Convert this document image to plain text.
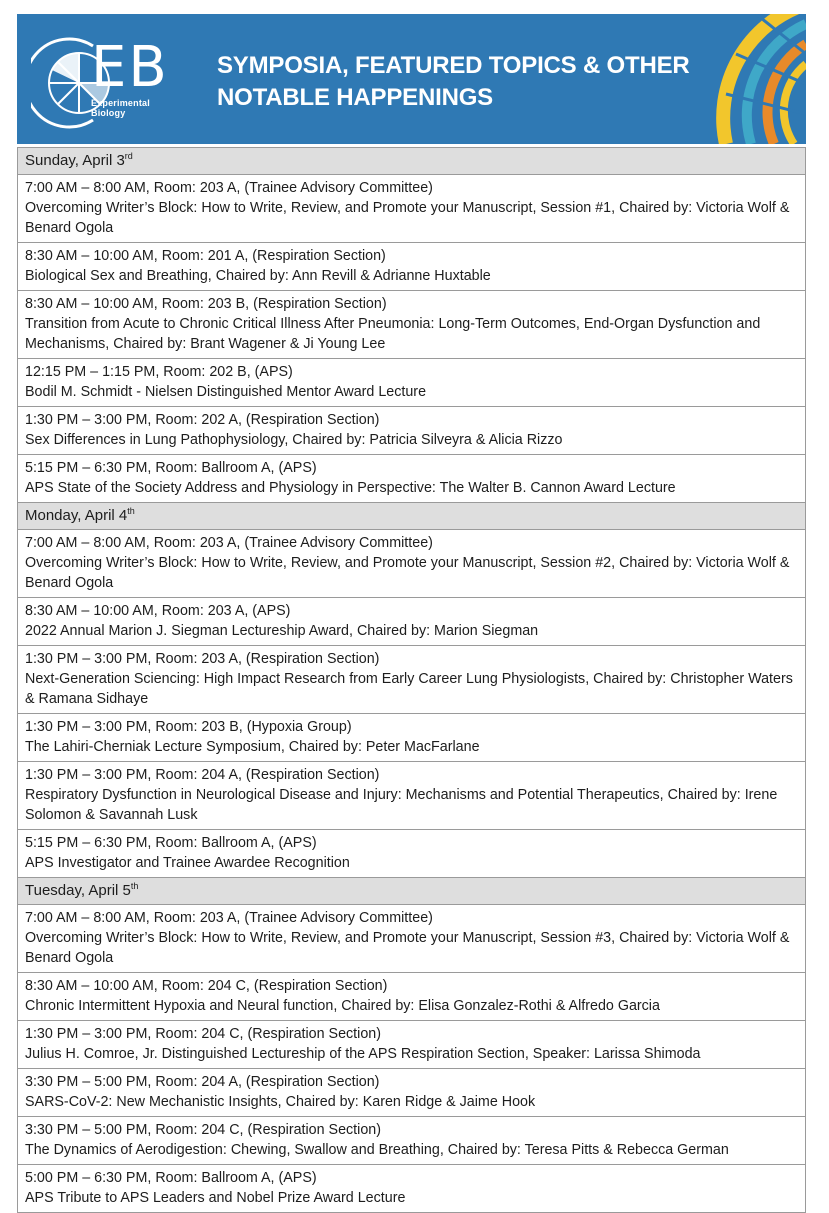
EB
Experimental Biology
SYMPOSIA, FEATURED TOPICS & OTHER NOTABLE HAPPENINGS
Sunday, April 3rd

7:00 AM – 8:00 AM, Room: 203 A, (Trainee Advisory Committee)
Overcoming Writer’s Block: How to Write, Review, and Promote your Manuscript, Session #1, Chaired by: Victoria Wolf & Benard Ogola

8:30 AM – 10:00 AM, Room: 201 A, (Respiration Section)
Biological Sex and Breathing, Chaired by: Ann Revill & Adrianne Huxtable

8:30 AM – 10:00 AM, Room: 203 B, (Respiration Section)
Transition from Acute to Chronic Critical Illness After Pneumonia: Long-Term Outcomes, End-Organ Dysfunction and Mechanisms, Chaired by: Brant Wagener & Ji Young Lee

12:15 PM – 1:15 PM, Room: 202 B, (APS)
Bodil M. Schmidt - Nielsen Distinguished Mentor Award Lecture

1:30 PM – 3:00 PM, Room: 202 A, (Respiration Section)
Sex Differences in Lung Pathophysiology, Chaired by: Patricia Silveyra & Alicia Rizzo

5:15 PM – 6:30 PM, Room: Ballroom A, (APS)
APS State of the Society Address and Physiology in Perspective: The Walter B. Cannon Award Lecture

Monday, April 4th

7:00 AM – 8:00 AM, Room: 203 A, (Trainee Advisory Committee)
Overcoming Writer’s Block: How to Write, Review, and Promote your Manuscript, Session #2, Chaired by: Victoria Wolf & Benard Ogola

8:30 AM – 10:00 AM, Room: 203 A, (APS)
2022 Annual Marion J. Siegman Lectureship Award, Chaired by: Marion Siegman

1:30 PM – 3:00 PM, Room: 203 A, (Respiration Section)
Next-Generation Sciencing: High Impact Research from Early Career Lung Physiologists, Chaired by: Christopher Waters & Ramana Sidhaye

1:30 PM – 3:00 PM, Room: 203 B, (Hypoxia Group)
The Lahiri-Cherniak Lecture Symposium, Chaired by: Peter MacFarlane

1:30 PM – 3:00 PM, Room: 204 A, (Respiration Section)
Respiratory Dysfunction in Neurological Disease and Injury: Mechanisms and Potential Therapeutics, Chaired by: Irene Solomon & Savannah Lusk

5:15 PM – 6:30 PM, Room: Ballroom A, (APS)
APS Investigator and Trainee Awardee Recognition

Tuesday, April 5th

7:00 AM – 8:00 AM, Room: 203 A, (Trainee Advisory Committee)
Overcoming Writer’s Block: How to Write, Review, and Promote your Manuscript, Session #3, Chaired by: Victoria Wolf & Benard Ogola

8:30 AM – 10:00 AM, Room: 204 C, (Respiration Section)
Chronic Intermittent Hypoxia and Neural function, Chaired by: Elisa Gonzalez-Rothi & Alfredo Garcia

1:30 PM – 3:00 PM, Room: 204 C, (Respiration Section)
Julius H. Comroe, Jr. Distinguished Lectureship of the APS Respiration Section, Speaker: Larissa Shimoda

3:30 PM – 5:00 PM, Room: 204 A, (Respiration Section)
SARS-CoV-2: New Mechanistic Insights, Chaired by: Karen Ridge & Jaime Hook

3:30 PM – 5:00 PM, Room: 204 C, (Respiration Section)
The Dynamics of Aerodigestion: Chewing, Swallow and Breathing, Chaired by: Teresa Pitts & Rebecca German

5:00 PM – 6:30 PM, Room: Ballroom A, (APS)
APS Tribute to APS Leaders and Nobel Prize Award Lecture
